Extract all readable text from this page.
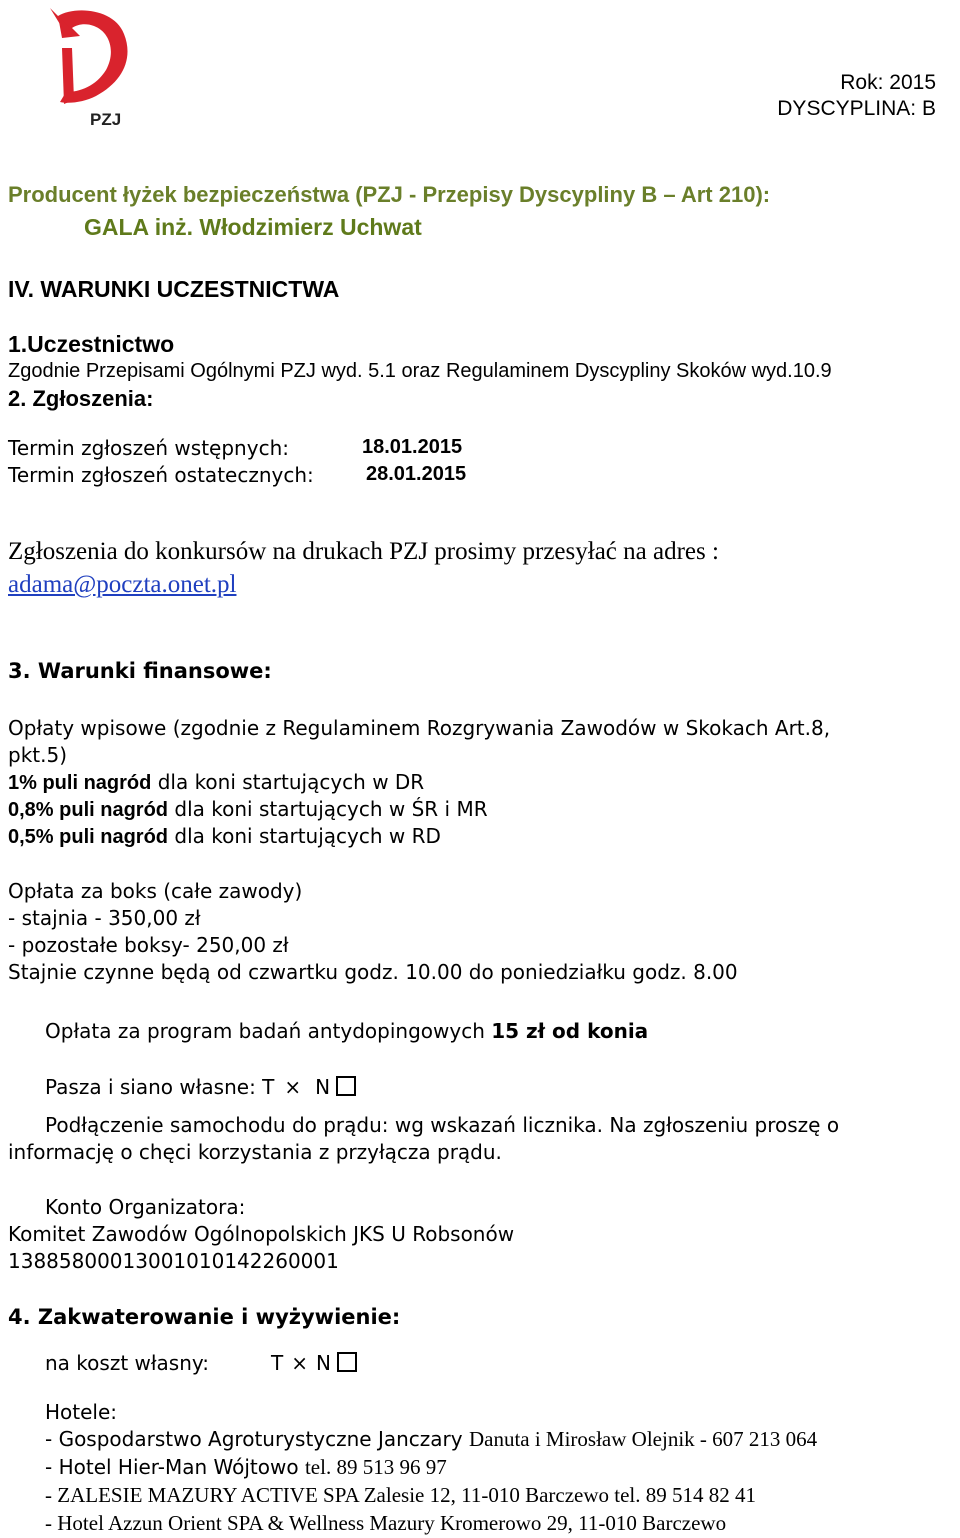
PZJ
Rok: 2015
DYSCYPLINA: B
Producent łyżek bezpieczeństwa (PZJ - Przepisy Dyscypliny B – Art 210):
GALA inż. Włodzimierz Uchwat
IV. WARUNKI UCZESTNICTWA
1.Uczestnictwo
Zgodnie Przepisami Ogólnymi PZJ wyd. 5.1 oraz Regulaminem Dyscypliny Skoków wyd.10.9
2. Zgłoszenia:
Termin zgłoszeń wstępnych:	18.01.2015
Termin zgłoszeń ostatecznych:	28.01.2015
Zgłoszenia do konkursów na drukach PZJ prosimy przesyłać na adres :
adama@poczta.onet.pl
3. Warunki finansowe:
Opłaty wpisowe (zgodnie z Regulaminem Rozgrywania Zawodów w Skokach Art.8,
pkt.5)
1% puli nagród dla koni startujących w DR
0,8% puli nagród dla koni startujących w ŚR i MR
0,5% puli nagród dla koni startujących w RD
Opłata za boks (całe zawody)
- stajnia - 350,00 zł
- pozostałe boksy- 250,00 zł
Stajnie czynne będą od czwartku godz. 10.00 do poniedziałku godz. 8.00
Opłata za program badań antydopingowych 15 zł od konia
Pasza i siano własne: T × N
Podłączenie samochodu do prądu: wg wskazań licznika. Na zgłoszeniu proszę o
informację o chęci korzystania z przyłącza prądu.
Konto Organizatora:
Komitet Zawodów Ogólnopolskich JKS U Robsonów
13885800013001010142260001
4. Zakwaterowanie i wyżywienie:
na koszt własny:	T × N
Hotele:
- Gospodarstwo Agroturystyczne Janczary Danuta i Mirosław Olejnik - 607 213 064
- Hotel Hier-Man Wójtowo tel. 89 513 96 97
- ZALESIE MAZURY ACTIVE SPA Zalesie 12, 11-010 Barczewo tel. 89 514 82 41
- Hotel Azzun Orient SPA & Wellness Mazury Kromerowo 29, 11-010 Barczewo
